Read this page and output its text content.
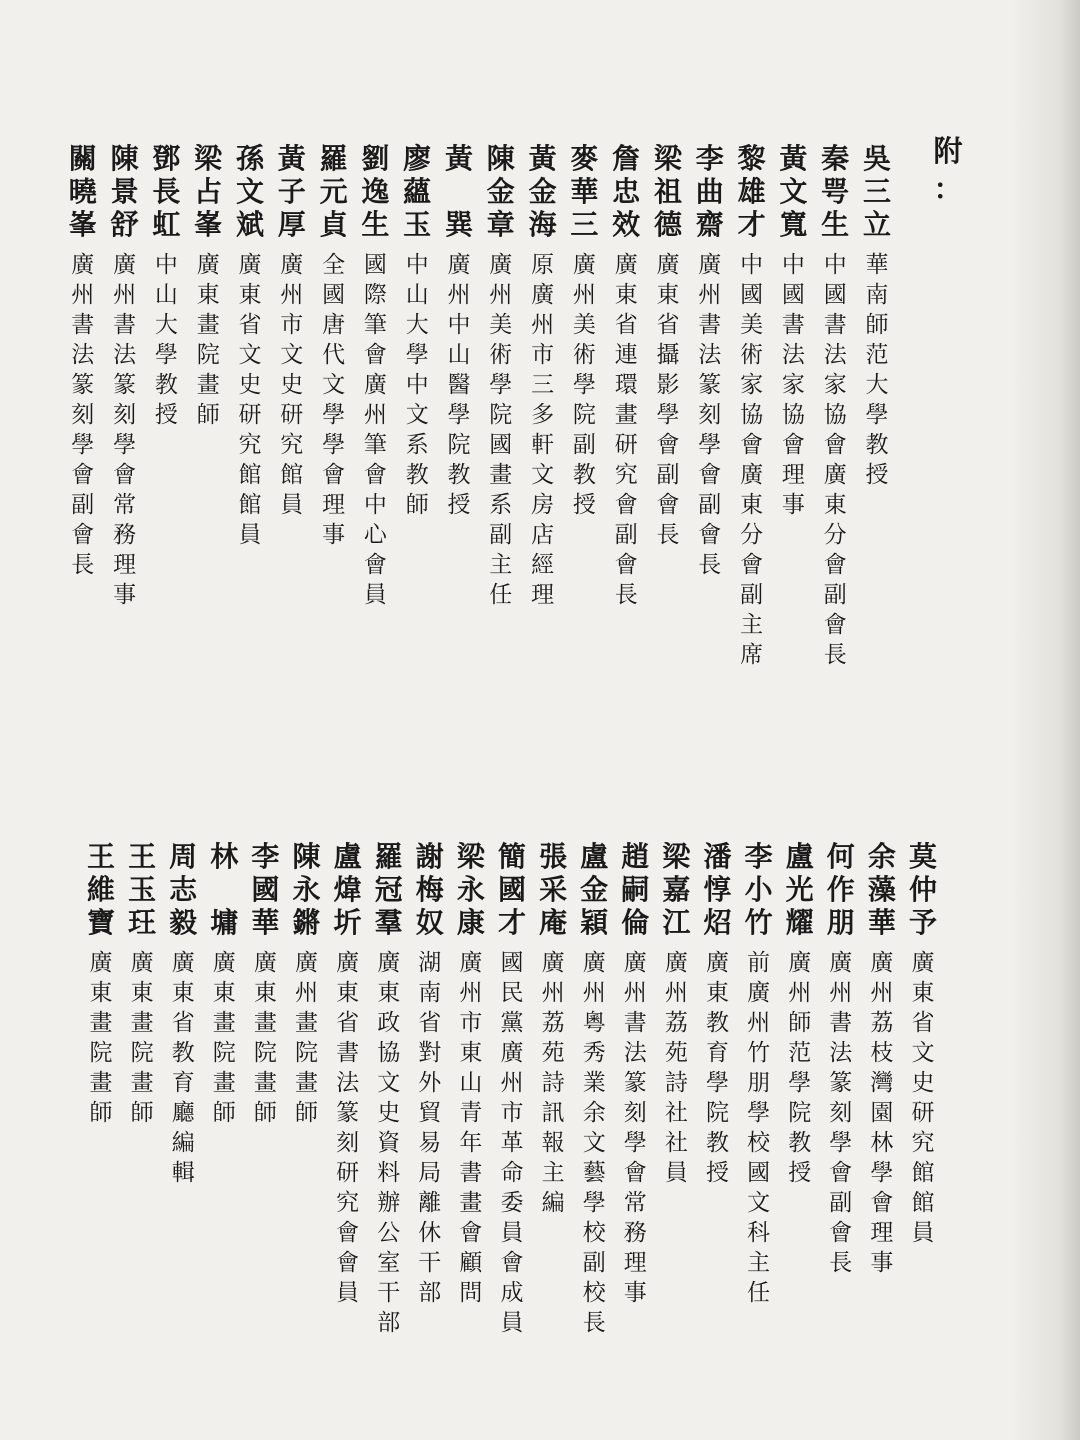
附
：
吳
三
立
華
南
師
范
大
學
教
授
秦
咢
生
中
國
書
法
家
協
會
廣
東
分
會
副
會
長
黃
文
寬
中
國
書
法
家
協
會
理
事
黎
雄
才
中
國
美
術
家
協
會
廣
東
分
會
副
主
席
李
曲
齋
廣
州
書
法
篆
刻
學
會
副
會
長
梁
祖
德
廣
東
省
攝
影
學
會
副
會
長
詹
忠
效
廣
東
省
連
環
畫
研
究
會
副
會
長
麥
華
三
廣
州
美
術
學
院
副
教
授
黃
金
海
原
廣
州
市
三
多
軒
文
房
店
經
理
陳
金
章
廣
州
美
術
學
院
國
畫
系
副
主
任
黃

巽
廣
州
中
山
醫
學
院
教
授
廖
蘊
玉
中
山
大
學
中
文
系
教
師
劉
逸
生
國
際
筆
會
廣
州
筆
會
中
心
會
員
羅
元
貞
全
國
唐
代
文
學
學
會
理
事
黃
子
厚
廣
州
市
文
史
研
究
館
員
孫
文
斌
廣
東
省
文
史
研
究
館
館
員
梁
占
峯
廣
東
畫
院
畫
師
鄧
長
虹
中
山
大
學
教
授
陳
景
舒
廣
州
書
法
篆
刻
學
會
常
務
理
事
關
曉
峯
廣
州
書
法
篆
刻
學
會
副
會
長
莫
仲
予
廣
東
省
文
史
研
究
館
館
員
余
藻
華
廣
州
荔
枝
灣
園
林
學
會
理
事
何
作
朋
廣
州
書
法
篆
刻
學
會
副
會
長
盧
光
耀
廣
州
師
范
學
院
教
授
李
小
竹
前
廣
州
竹
朋
學
校
國
文
科
主
任
潘
惇
炤
廣
東
教
育
學
院
教
授
梁
嘉
江
廣
州
荔
苑
詩
社
社
員
趙
嗣
倫
廣
州
書
法
篆
刻
學
會
常
務
理
事
盧
金
穎
廣
州
粵
秀
業
余
文
藝
學
校
副
校
長
張
采
庵
廣
州
荔
苑
詩
訊
報
主
編
簡
國
才
國
民
黨
廣
州
市
革
命
委
員
會
成
員
梁
永
康
廣
州
市
東
山
青
年
書
畫
會
顧
問
謝
梅
奴
湖
南
省
對
外
貿
易
局
離
休
干
部
羅
冠
羣
廣
東
政
協
文
史
資
料
辦
公
室
干
部
盧
煒
圻
廣
東
省
書
法
篆
刻
研
究
會
會
員
陳
永
鏘
廣
州
畫
院
畫
師
李
國
華
廣
東
畫
院
畫
師
林

墉
廣
東
畫
院
畫
師
周
志
毅
廣
東
省
教
育
廳
編
輯
王
玉
玨
廣
東
畫
院
畫
師
王
維
寶
廣
東
畫
院
畫
師
